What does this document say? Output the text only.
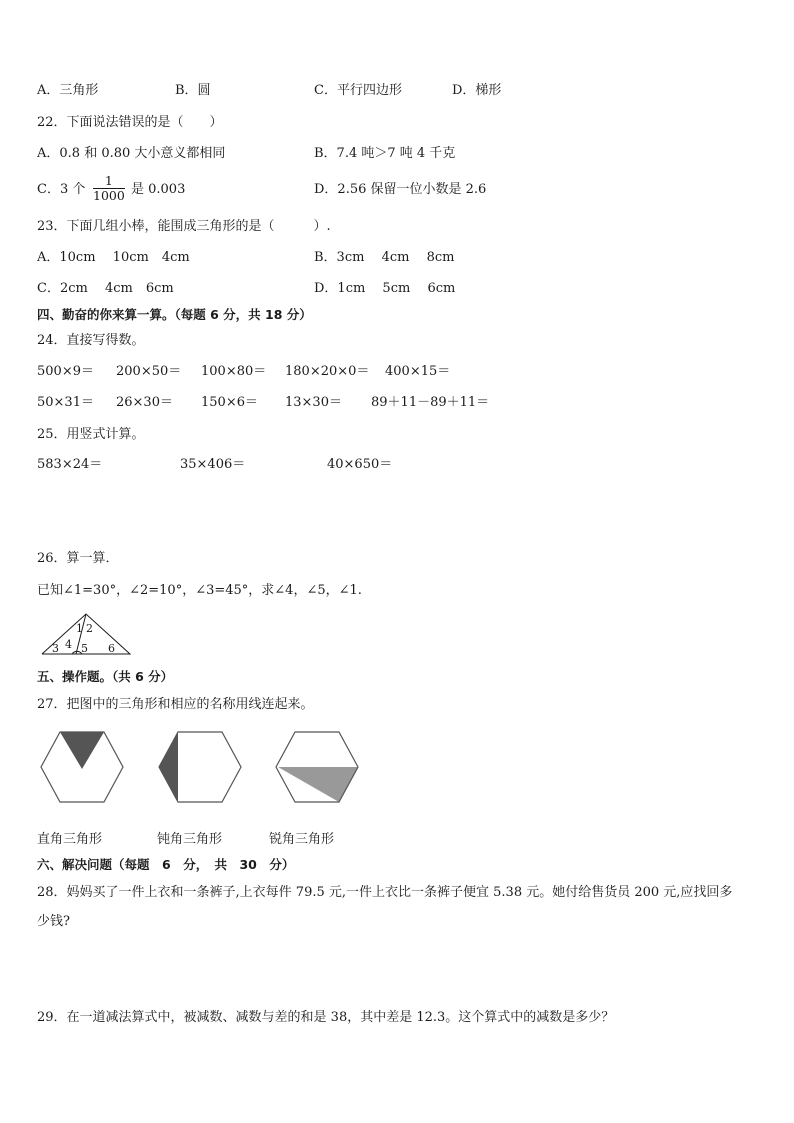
A．三角形	B．圆	C．平行四边形	D．梯形
22．下面说法错误的是（　　）
A．0.8 和 0.80 大小意义都相同	B．7.4 吨＞7 吨 4 千克
C．3 个 $\frac{1}{1000}$ 是 0.003	D．2.56 保留一位小数是 2.6
23．下面几组小棒，能围成三角形的是（　　　）.
A．10cm　 10cm　4cm	B．3cm　 4cm　 8cm
C．2cm　 4cm　6cm	D．1cm　 5cm　 6cm
四、勤奋的你来算一算。（每题 6 分，共 18 分）
24．直接写得数。
500×9＝ 200×50＝ 100×80＝ 180×20×0＝ 400×15＝
50×31＝ 26×30＝ 150×6＝ 13×30＝ 89＋11－89＋11＝
25．用竖式计算。
583×24＝	35×406＝	40×650＝
26．算一算．
已知∠1=30°，∠2=10°，∠3=45°，求∠4，∠5，∠1.
1 2
3 4 5 6
五、操作题。（共 6 分）
27．把图中的三角形和相应的名称用线连起来。
直角三角形	钝角三角形	锐角三角形
六、解决问题（每题　6　分，　共　30　分）
28．妈妈买了一件上衣和一条裤子,上衣每件 79.5 元,一件上衣比一条裤子便宜 5.38 元。她付给售货员 200 元,应找回多
少钱?
29．在一道减法算式中，被减数、减数与差的和是 38，其中差是 12.3。这个算式中的减数是多少？
